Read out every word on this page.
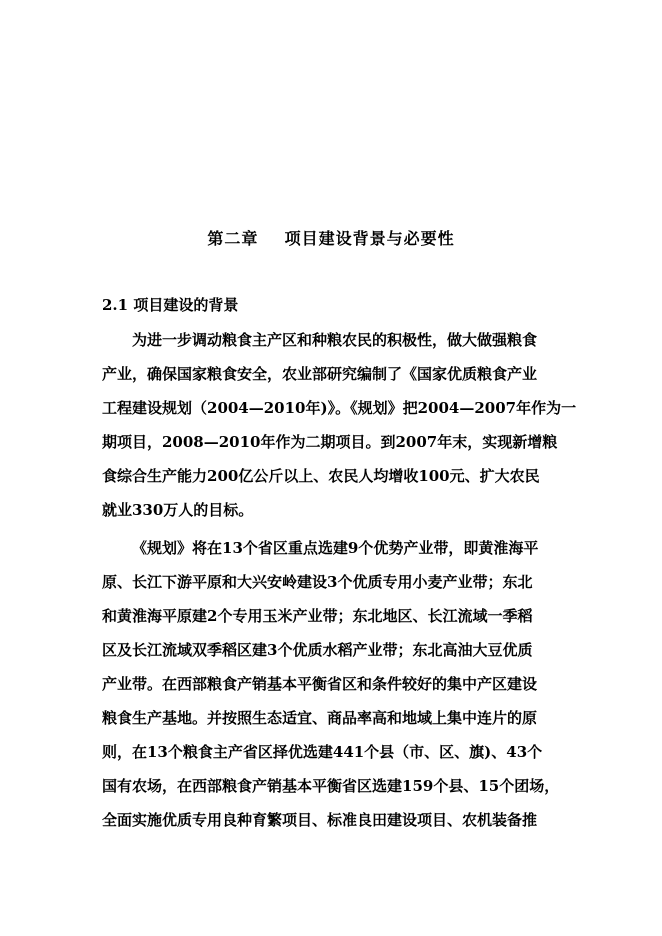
第二章    项目建设背景与必要性
2.1 项目建设的背景
为进一步调动粮食主产区和种粮农民的积极性，做大做强粮食
产业，确保国家粮食安全，农业部研究编制了《国家优质粮食产业
工程建设规划（2004—2010年)》。《规划》把2004—2007年作为一
期项目，2008—2010年作为二期项目。到2007年末，实现新增粮
食综合生产能力200亿公斤以上、农民人均增收100元、扩大农民
就业330万人的目标。
《规划》将在13个省区重点选建9个优势产业带，即黄淮海平
原、长江下游平原和大兴安岭建设3个优质专用小麦产业带；东北
和黄淮海平原建2个专用玉米产业带；东北地区、长江流域一季稻
区及长江流域双季稻区建3个优质水稻产业带；东北高油大豆优质
产业带。在西部粮食产销基本平衡省区和条件较好的集中产区建设
粮食生产基地。并按照生态适宜、商品率高和地域上集中连片的原
则，在13个粮食主产省区择优选建441个县（市、区、旗)、43个
国有农场，在西部粮食产销基本平衡省区选建159个县、15个团场，
全面实施优质专用良种育繁项目、标准良田建设项目、农机装备推
